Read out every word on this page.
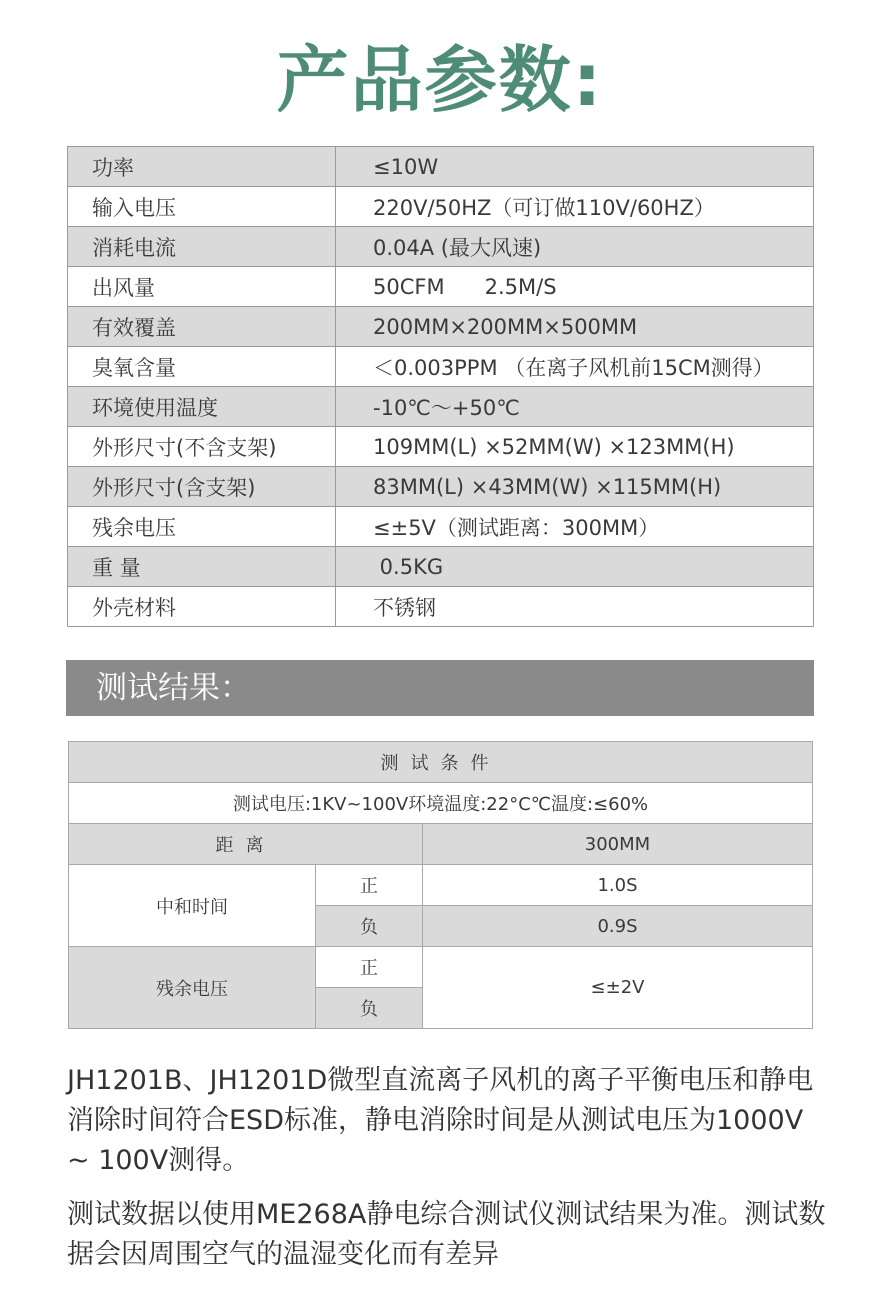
产品参数:
功率	≤10W
输入电压	220V/50HZ（可订做110V/60HZ）
消耗电流	0.04A (最大风速)
出风量	50CFM      2.5M/S
有效覆盖	200MM×200MM×500MM
臭氧含量	＜0.003PPM （在离子风机前15CM测得）
环境使用温度	-10℃～+50℃
外形尺寸(不含支架)	109MM(L) ×52MM(W) ×123MM(H)
外形尺寸(含支架)	83MM(L) ×43MM(W) ×115MM(H)
残余电压	≤±5V（测试距离：300MM）
重 量	0.5KG
外壳材料	不锈钢
测试结果：
测试条件		
测试电压:1KV~100V环境温度:22°C℃温度:≤60%		
距离		300MM
中和时间	正	1.0S
	负	0.9S
残余电压	正	≤±2V
	负	

JH1201B、JH1201D微型直流离子风机的离子平衡电压和静电消除时间符合ESD标准，静电消除时间是从测试电压为1000V ~ 100V测得。

测试数据以使用ME268A静电综合测试仪测试结果为准。测试数据会因周围空气的温湿变化而有差异
